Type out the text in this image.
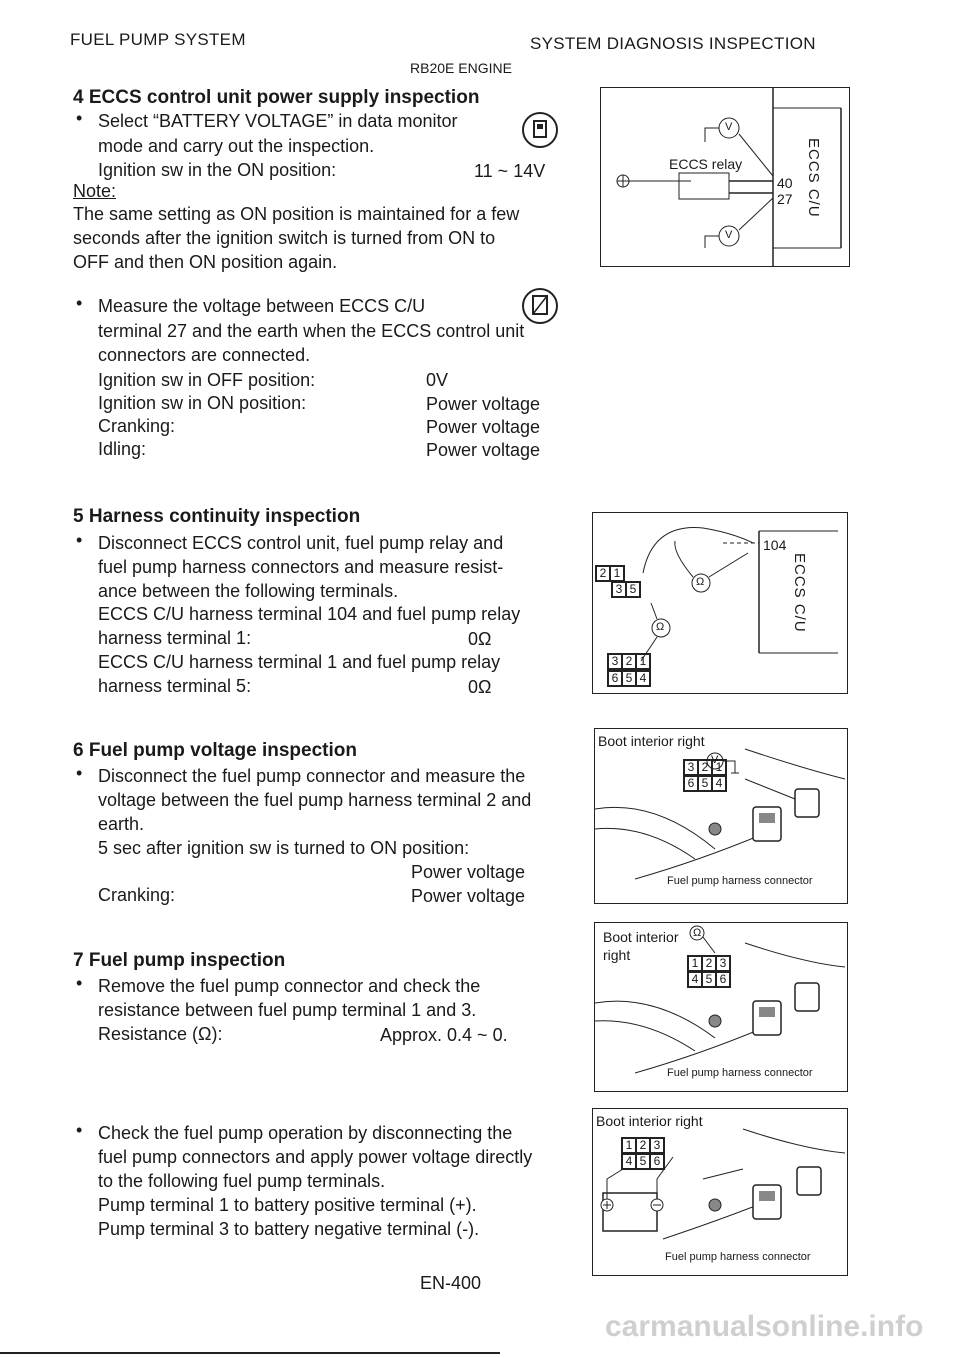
FUEL PUMP SYSTEM	SYSTEM DIAGNOSIS INSPECTION
RB20E ENGINE
4 ECCS control unit power supply inspection
• Select “BATTERY VOLTAGE” in data monitor
mode and carry out the inspection.
Ignition sw in the ON position:	11 ~ 14V
Note:
The same setting as ON position is maintained for a few
seconds after the ignition switch is turned from ON to
OFF and then ON position again.
• Measure the voltage between ECCS C/U
terminal 27 and the earth when the ECCS control unit
connectors are connected.
Ignition sw in OFF position:	0V
Ignition sw in ON position:	Power voltage
Cranking:	Power voltage
Idling:	Power voltage
V
V
ECCS relay
40
27 ECCS C/U
5 Harness continuity inspection
• Disconnect ECCS control unit, fuel pump relay and
fuel pump harness connectors and measure resist-
ance between the following terminals.
ECCS C/U harness terminal 104 and fuel pump relay
harness terminal 1:	0Ω
ECCS C/U harness terminal 1 and fuel pump relay
harness terminal 5:	0Ω
2 1
3 5
3 2 1
6 5 4
Ω
Ω
104
ECCS C/U
6 Fuel pump voltage inspection
• Disconnect the fuel pump connector and measure the
voltage between the fuel pump harness terminal 2 and
earth.
5 sec after ignition sw is turned to ON position:
Power voltage
Cranking:	Power voltage
Boot interior right
3 2 1
6 5 4
V
Fuel pump harness connector
7 Fuel pump inspection
• Remove the fuel pump connector and check the
resistance between fuel pump terminal 1 and 3.
Resistance (Ω):	Approx. 0.4 ~ 0.
Boot interior
right
Ω
1 2 3
4 5 6
Fuel pump harness connector
• Check the fuel pump operation by disconnecting the
fuel pump connectors and apply power voltage directly
to the following fuel pump terminals.
Pump terminal 1 to battery positive terminal (+).
Pump terminal 3 to battery negative terminal (-).
Boot interior right
1 2 3
4 5 6
Fuel pump harness connector
EN-400
carmanualsonline.info
